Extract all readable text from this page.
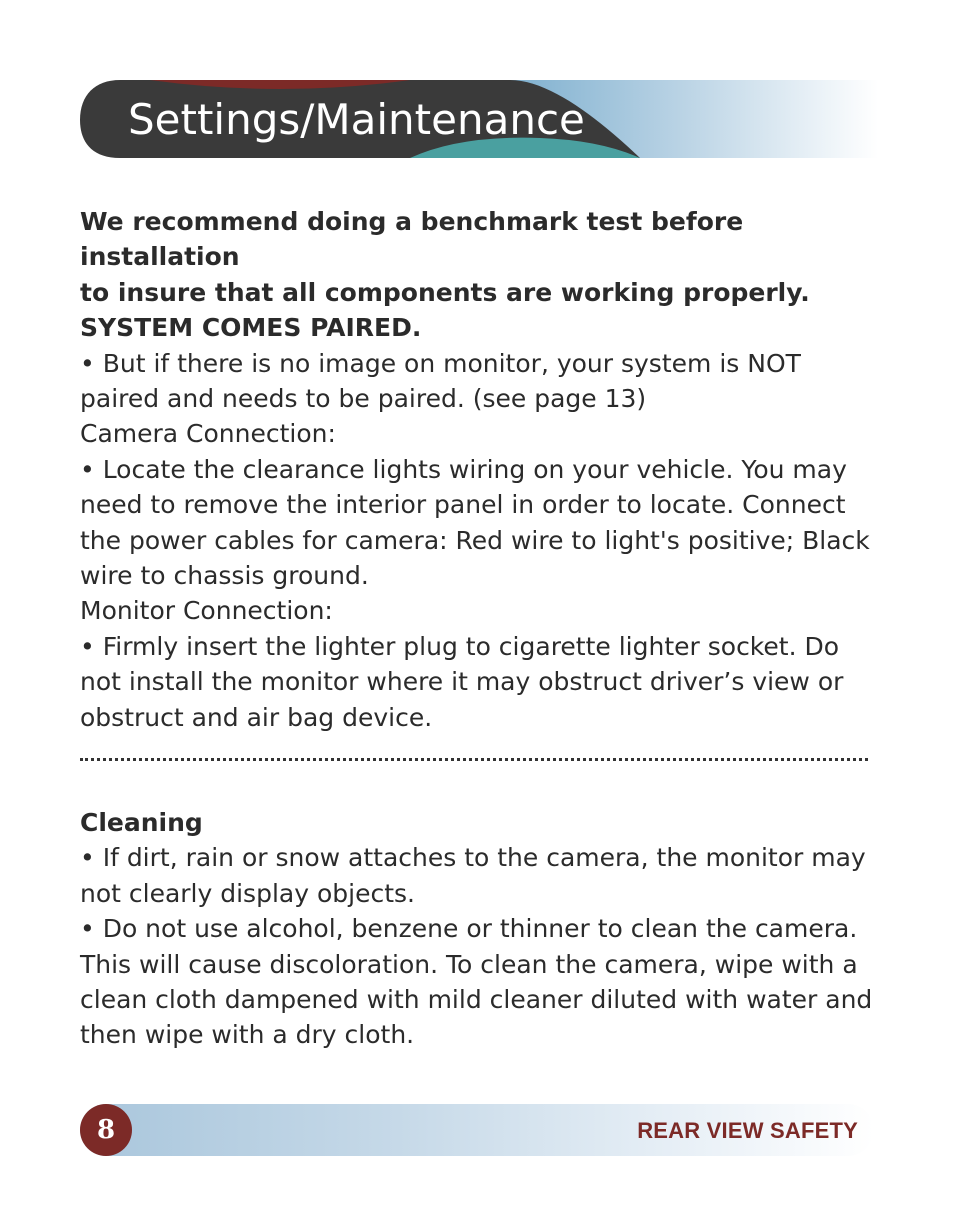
Settings/Maintenance

We recommend doing a benchmark test before installation

to insure that all components are working properly.

SYSTEM COMES PAIRED.

• But if there is no image on monitor, your system is NOT paired and needs to be paired. (see page 13)

Camera Connection:

• Locate the clearance lights wiring on your vehicle. You may need to remove the interior panel in order to locate. Connect the power cables for camera: Red wire to light's positive; Black wire to chassis ground.

Monitor Connection:

• Firmly insert the lighter plug to cigarette lighter socket. Do not install the monitor where it may obstruct driver’s view or obstruct and air bag device.

Cleaning

• If dirt, rain or snow attaches to the camera, the monitor may not clearly display objects.

• Do not use alcohol, benzene or thinner to clean the camera. This will cause discoloration. To clean the camera, wipe with a clean cloth dampened with mild cleaner diluted with water and then wipe with a dry cloth.

8	REAR VIEW SAFETY
